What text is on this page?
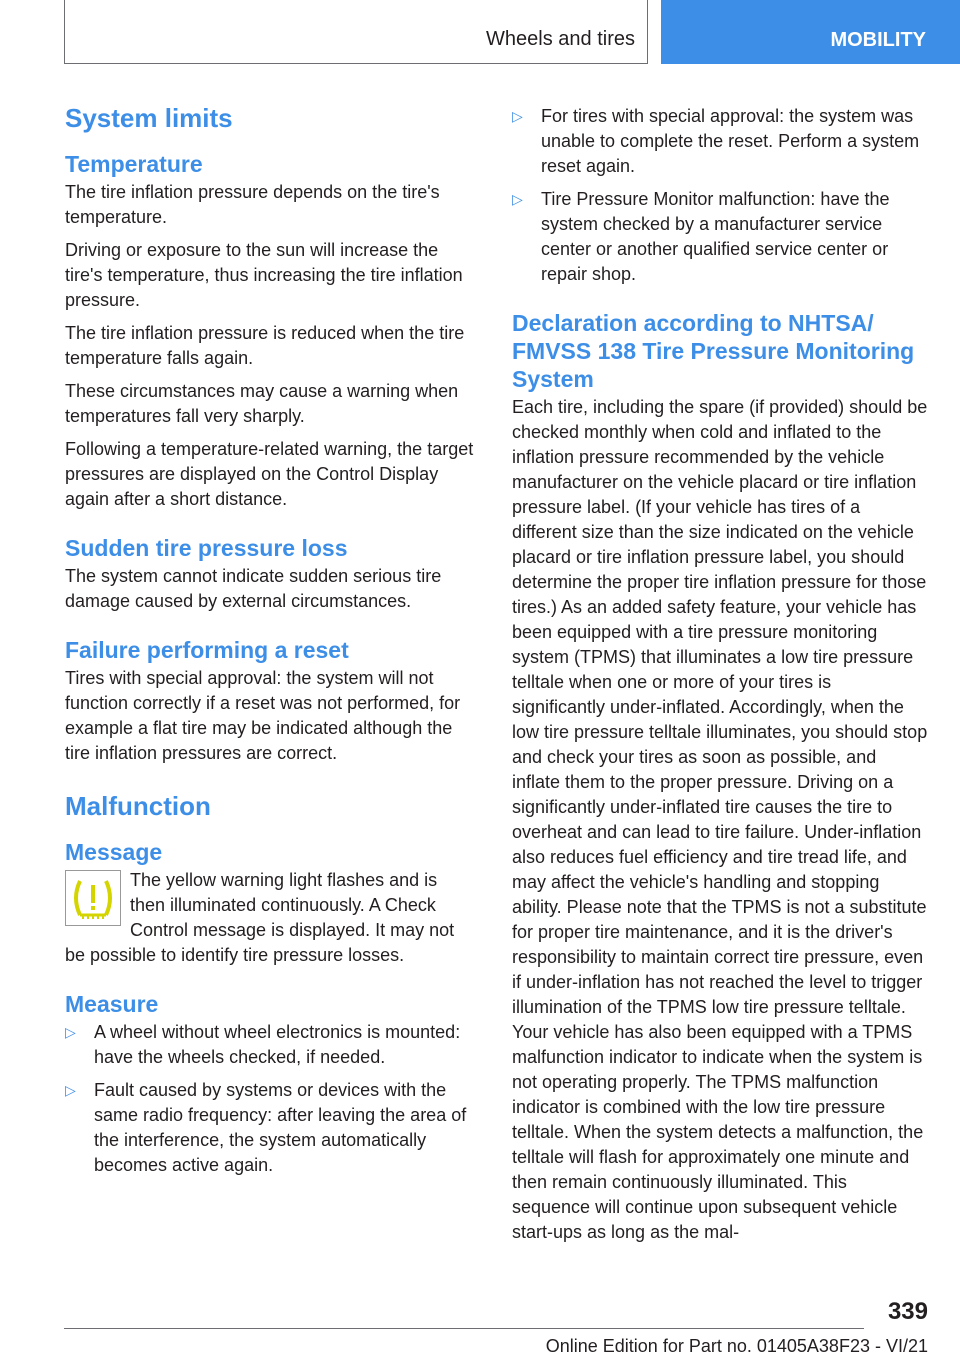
Wheels and tires	MOBILITY
System limits
Temperature

The tire inflation pressure depends on the tire's temperature.

Driving or exposure to the sun will increase the tire's temperature, thus increasing the tire inflation pressure.

The tire inflation pressure is reduced when the tire temperature falls again.

These circumstances may cause a warning when temperatures fall very sharply.

Following a temperature-related warning, the target pressures are displayed on the Control Display again after a short distance.

Sudden tire pressure loss

The system cannot indicate sudden serious tire damage caused by external circumstances.

Failure performing a reset

Tires with special approval: the system will not function correctly if a reset was not performed, for example a flat tire may be indicated although the tire inflation pressures are correct.

Malfunction
Message

The yellow warning light flashes and is then illuminated continuously. A Check Control message is displayed. It may not be possible to identify tire pressure losses.

Measure
▷ A wheel without wheel electronics is mounted: have the wheels checked, if needed.
▷ Fault caused by systems or devices with the same radio frequency: after leaving the area of the interference, the system automatically becomes active again.
▷ For tires with special approval: the system was unable to complete the reset. Perform a system reset again.
▷ Tire Pressure Monitor malfunction: have the system checked by a manufacturer service center or another qualified service center or repair shop.
Declaration according to NHTSA/ FMVSS 138 Tire Pressure Monitoring System

Each tire, including the spare (if provided) should be checked monthly when cold and inflated to the inflation pressure recommended by the vehicle manufacturer on the vehicle placard or tire inflation pressure label. (If your vehicle has tires of a different size than the size indicated on the vehicle placard or tire inflation pressure label, you should determine the proper tire inflation pressure for those tires.) As an added safety feature, your vehicle has been equipped with a tire pressure monitoring system (TPMS) that illuminates a low tire pressure telltale when one or more of your tires is significantly under-inflated. Accordingly, when the low tire pressure telltale illuminates, you should stop and check your tires as soon as possible, and inflate them to the proper pressure. Driving on a significantly under-inflated tire causes the tire to overheat and can lead to tire failure. Under-inflation also reduces fuel efficiency and tire tread life, and may affect the vehicle's handling and stopping ability. Please note that the TPMS is not a substitute for proper tire maintenance, and it is the driver's responsibility to maintain correct tire pressure, even if under-inflation has not reached the level to trigger illumination of the TPMS low tire pressure telltale. Your vehicle has also been equipped with a TPMS malfunction indicator to indicate when the system is not operating properly. The TPMS malfunction indicator is combined with the low tire pressure telltale. When the system detects a malfunction, the telltale will flash for approximately one minute and then remain continuously illuminated. This sequence will continue upon subsequent vehicle start-ups as long as the mal-

339
Online Edition for Part no. 01405A38F23 - VI/21
